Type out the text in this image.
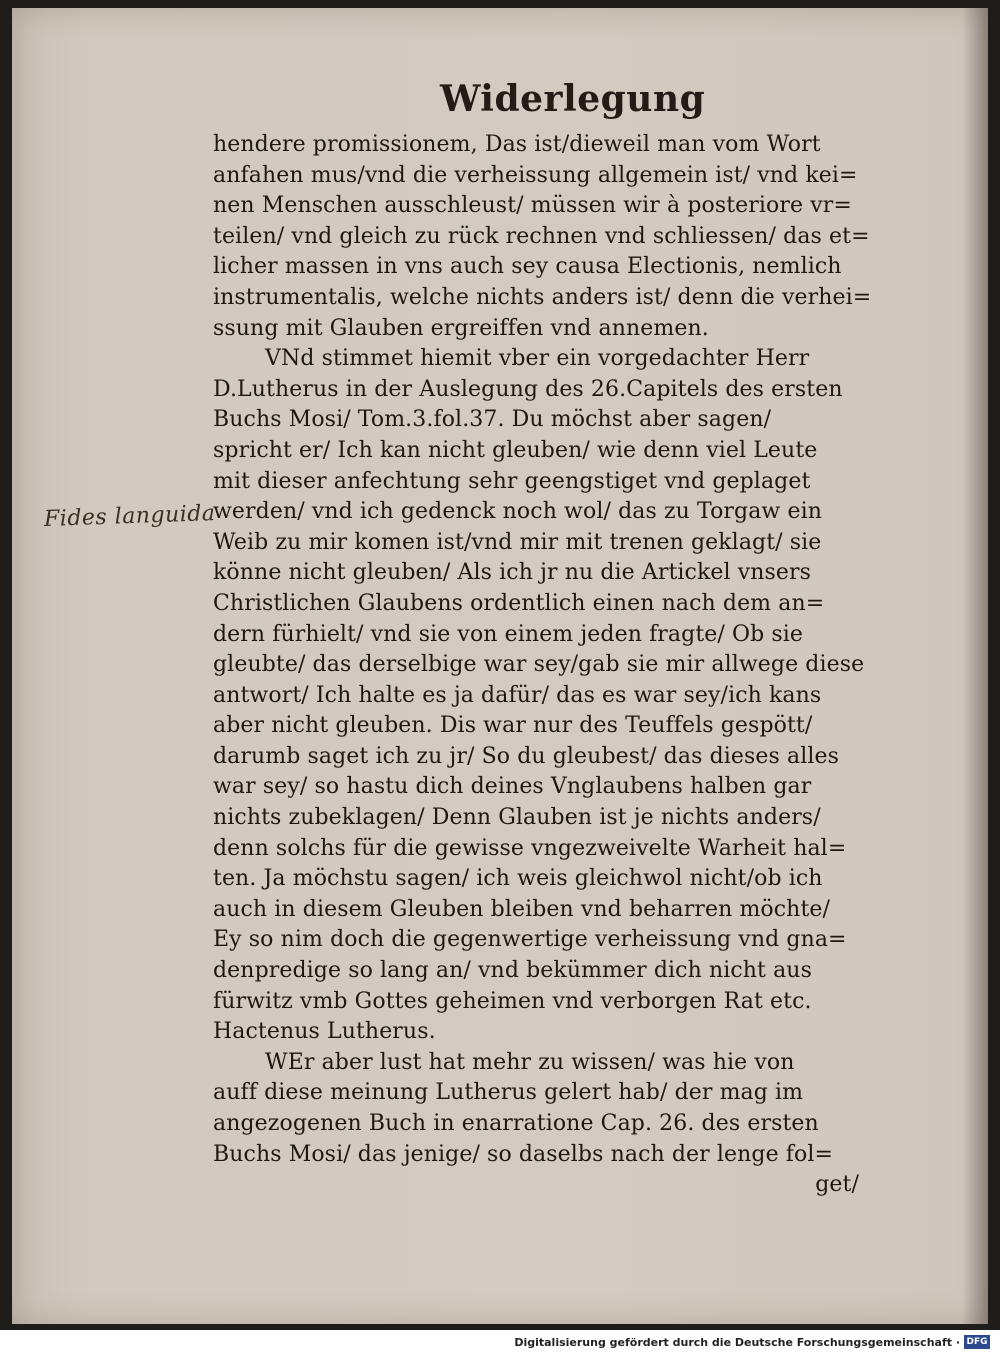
Widerlegung
Fides languida
hendere promissionem, Das ist/dieweil man vom Wort
anfahen mus/vnd die verheissung allgemein ist/ vnd kei=
nen Menschen ausschleust/ müssen wir à posteriore vr=
teilen/ vnd gleich zu rück rechnen vnd schliessen/ das et=
licher massen in vns auch sey causa Electionis, nemlich
instrumentalis, welche nichts anders ist/ denn die verhei=
ssung mit Glauben ergreiffen vnd annemen.
VNd stimmet hiemit vber ein vorgedachter Herr
D.Lutherus in der Auslegung des 26.Capitels des ersten
Buchs Mosi/ Tom.3.fol.37. Du möchst aber sagen/
spricht er/ Ich kan nicht gleuben/ wie denn viel Leute
mit dieser anfechtung sehr geengstiget vnd geplaget
werden/ vnd ich gedenck noch wol/ das zu Torgaw ein
Weib zu mir komen ist/vnd mir mit trenen geklagt/ sie
könne nicht gleuben/ Als ich jr nu die Artickel vnsers
Christlichen Glaubens ordentlich einen nach dem an=
dern fürhielt/ vnd sie von einem jeden fragte/ Ob sie
gleubte/ das derselbige war sey/gab sie mir allwege diese
antwort/ Ich halte es ja dafür/ das es war sey/ich kans
aber nicht gleuben. Dis war nur des Teuffels gespött/
darumb saget ich zu jr/ So du gleubest/ das dieses alles
war sey/ so hastu dich deines Vnglaubens halben gar
nichts zubeklagen/ Denn Glauben ist je nichts anders/
denn solchs für die gewisse vngezweivelte Warheit hal=
ten. Ja möchstu sagen/ ich weis gleichwol nicht/ob ich
auch in diesem Gleuben bleiben vnd beharren möchte/
Ey so nim doch die gegenwertige verheissung vnd gna=
denpredige so lang an/ vnd bekümmer dich nicht aus
fürwitz vmb Gottes geheimen vnd verborgen Rat etc.
Hactenus Lutherus.
WEr aber lust hat mehr zu wissen/ was hie von
auff diese meinung Lutherus gelert hab/ der mag im
angezogenen Buch in enarratione Cap. 26. des ersten
Buchs Mosi/ das jenige/ so daselbs nach der lenge fol=
get/
Digitalisierung gefördert durch die Deutsche Forschungsgemeinschaft · DFG
